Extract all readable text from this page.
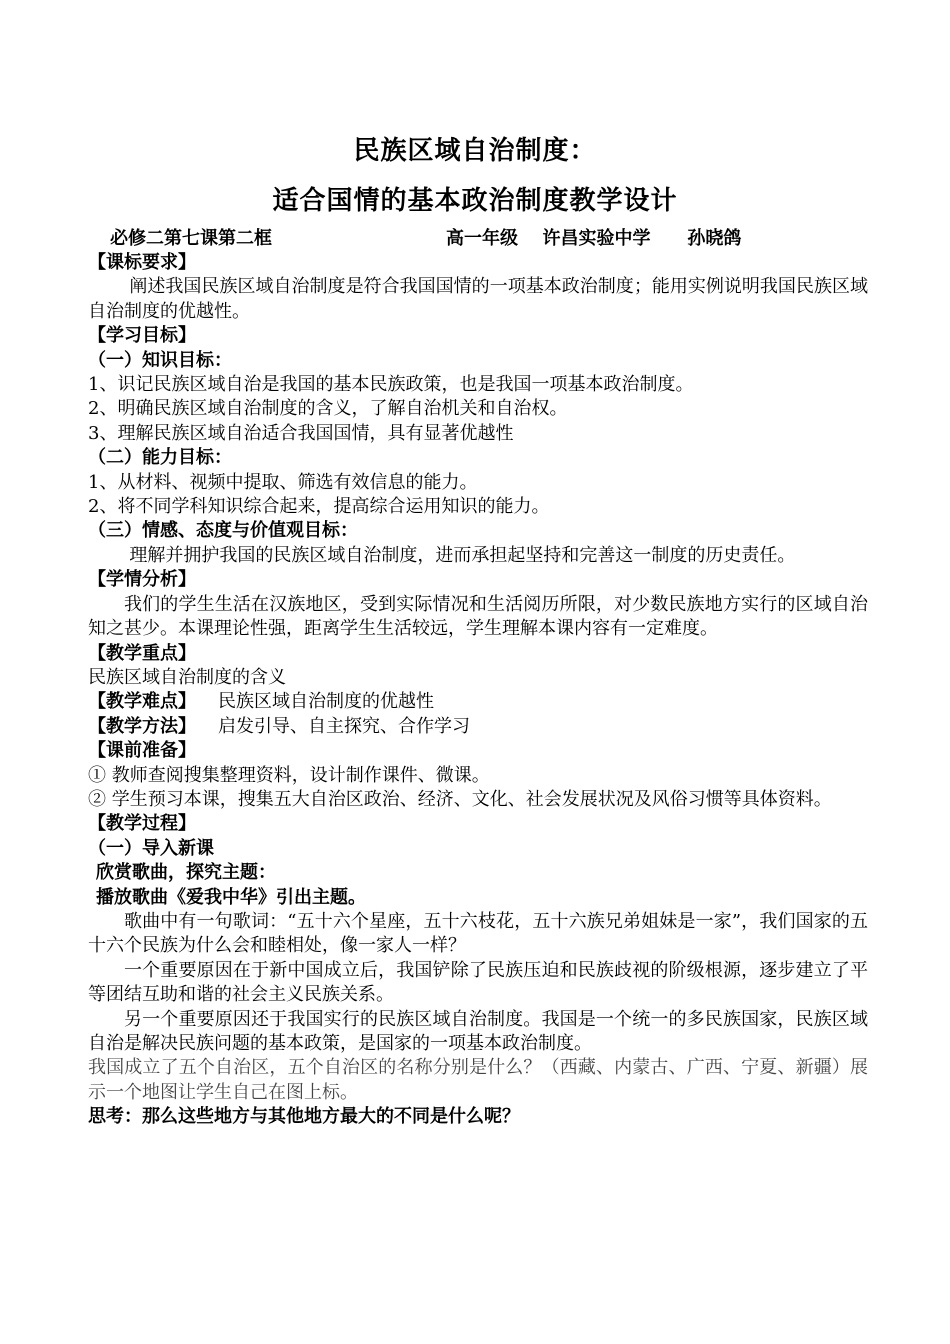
民族区域自治制度：
适合国情的基本政治制度教学设计
必修二第七课第二框	高一年级  许昌实验中学   孙晓鸽

【课标要求】

阐述我国民族区域自治制度是符合我国国情的一项基本政治制度；能用实例说明我国民族区域自治制度的优越性。

【学习目标】

（一）知识目标：

1、识记民族区域自治是我国的基本民族政策，也是我国一项基本政治制度。

2、明确民族区域自治制度的含义，了解自治机关和自治权。

3、理解民族区域自治适合我国国情，具有显著优越性

（二）能力目标：

1、从材料、视频中提取、筛选有效信息的能力。

2、将不同学科知识综合起来，提高综合运用知识的能力。

（三）情感、态度与价值观目标：

理解并拥护我国的民族区域自治制度，进而承担起坚持和完善这一制度的历史责任。

【学情分析】

我们的学生生活在汉族地区，受到实际情况和生活阅历所限，对少数民族地方实行的区域自治知之甚少。本课理论性强，距离学生生活较远，学生理解本课内容有一定难度。

【教学重点】

民族区域自治制度的含义

【教学难点】 民族区域自治制度的优越性

【教学方法】 启发引导、自主探究、合作学习

【课前准备】

① 教师查阅搜集整理资料，设计制作课件、微课。

② 学生预习本课，搜集五大自治区政治、经济、文化、社会发展状况及风俗习惯等具体资料。

【教学过程】

（一）导入新课

欣赏歌曲，探究主题：

播放歌曲《爱我中华》引出主题。

歌曲中有一句歌词：“五十六个星座，五十六枝花，五十六族兄弟姐妹是一家”，我们国家的五十六个民族为什么会和睦相处，像一家人一样？

一个重要原因在于新中国成立后，我国铲除了民族压迫和民族歧视的阶级根源，逐步建立了平等团结互助和谐的社会主义民族关系。

另一个重要原因还于我国实行的民族区域自治制度。我国是一个统一的多民族国家，民族区域自治是解决民族问题的基本政策，是国家的一项基本政治制度。

我国成立了五个自治区，五个自治区的名称分别是什么？（西藏、内蒙古、广西、宁夏、新疆）展示一个地图让学生自己在图上标。

思考：那么这些地方与其他地方最大的不同是什么呢？
